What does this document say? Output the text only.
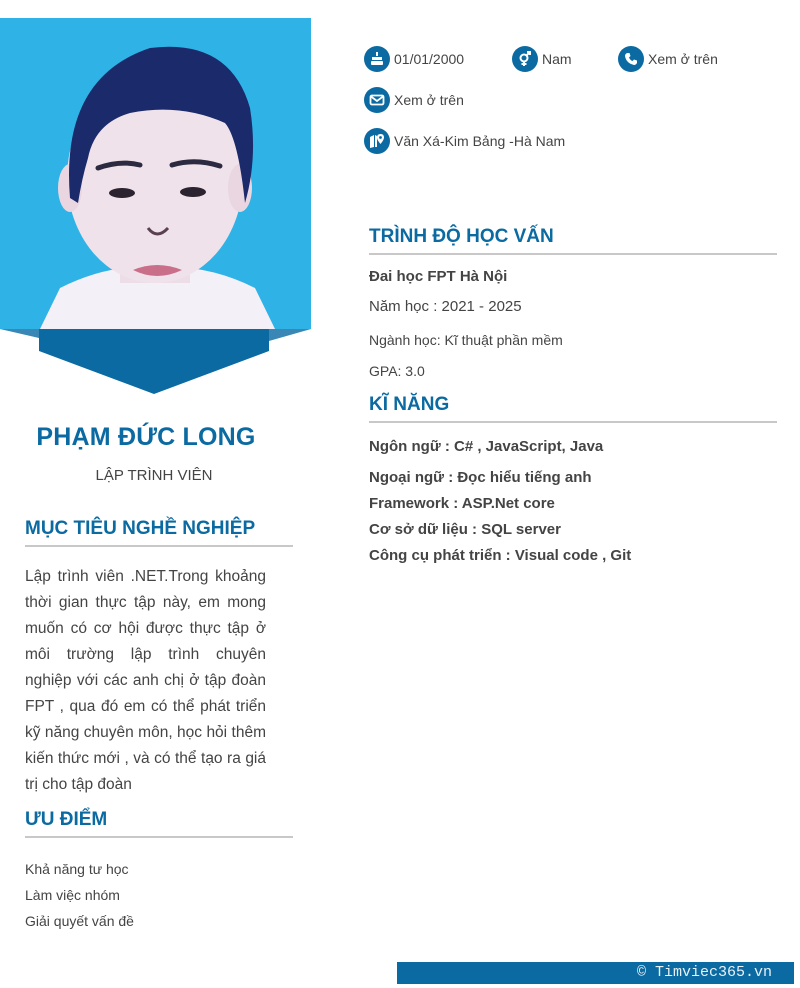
PHẠM ĐỨC LONG
LẬP TRÌNH VIÊN
MỤC TIÊU NGHỀ NGHIỆP

Lập trình viên .NET.Trong khoảng thời gian thực tập này, em mong muốn có cơ hội được thực tập ở môi trường lập trình chuyên nghiệp với các anh chị ở tập đoàn FPT , qua đó em có thể phát triển kỹ năng chuyên môn, học hỏi thêm kiến thức mới , và có thể tạo ra giá trị cho tập đoàn

ƯU ĐIỂM
Khả năng tư học
Làm việc nhóm
Giải quyết vấn đề
01/01/2000	Nam	Xem ở trên
Xem ở trên
Văn Xá-Kim Bảng -Hà Nam
TRÌNH ĐỘ HỌC VẤN
Đai học FPT Hà Nội
Năm học : 2021 - 2025
Ngành học: Kĩ thuật phần mềm
GPA: 3.0
KĨ NĂNG
Ngôn ngữ : C# , JavaScript, Java
Ngoại ngữ : Đọc hiểu tiếng anh
Framework : ASP.Net core
Cơ sở dữ liệu : SQL server
Công cụ phát triển : Visual code , Git
© Timviec365.vn
